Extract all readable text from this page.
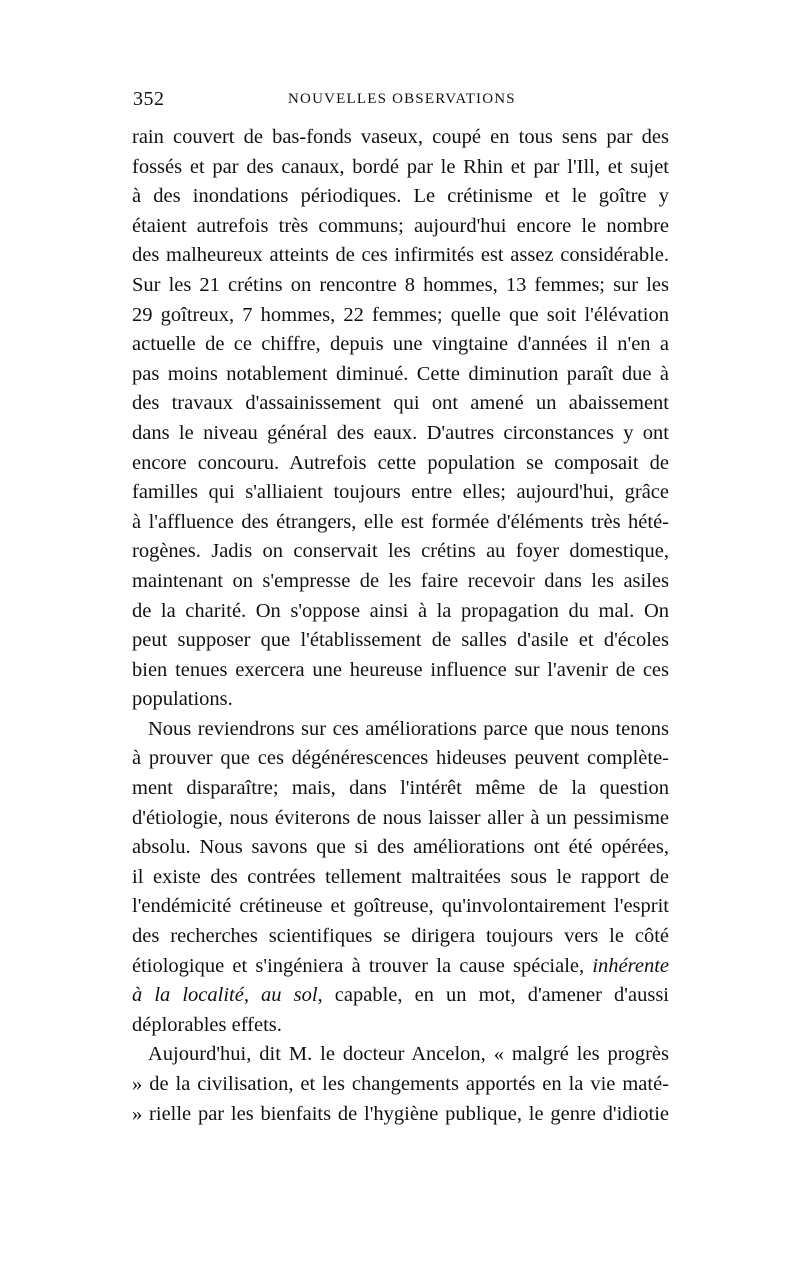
352	NOUVELLES OBSERVATIONS
rain couvert de bas-fonds vaseux, coupé en tous sens par des
fossés et par des canaux, bordé par le Rhin et par l'Ill, et sujet
à des inondations périodiques. Le crétinisme et le goître y
étaient autrefois très communs; aujourd'hui encore le nombre
des malheureux atteints de ces infirmités est assez considérable.
Sur les 21 crétins on rencontre 8 hommes, 13 femmes; sur les
29 goîtreux, 7 hommes, 22 femmes; quelle que soit l'élévation
actuelle de ce chiffre, depuis une vingtaine d'années il n'en a
pas moins notablement diminué. Cette diminution paraît due à
des travaux d'assainissement qui ont amené un abaissement
dans le niveau général des eaux. D'autres circonstances y ont
encore concouru. Autrefois cette population se composait de
familles qui s'alliaient toujours entre elles; aujourd'hui, grâce
à l'affluence des étrangers, elle est formée d'éléments très hété-
rogènes. Jadis on conservait les crétins au foyer domestique,
maintenant on s'empresse de les faire recevoir dans les asiles
de la charité. On s'oppose ainsi à la propagation du mal. On
peut supposer que l'établissement de salles d'asile et d'écoles
bien tenues exercera une heureuse influence sur l'avenir de ces
populations.
Nous reviendrons sur ces améliorations parce que nous tenons
à prouver que ces dégénérescences hideuses peuvent complète-
ment disparaître; mais, dans l'intérêt même de la question
d'étiologie, nous éviterons de nous laisser aller à un pessimisme
absolu. Nous savons que si des améliorations ont été opérées,
il existe des contrées tellement maltraitées sous le rapport de
l'endémicité crétineuse et goîtreuse, qu'involontairement l'esprit
des recherches scientifiques se dirigera toujours vers le côté
étiologique et s'ingéniera à trouver la cause spéciale, inhérente
à la localité, au sol, capable, en un mot, d'amener d'aussi
déplorables effets.
Aujourd'hui, dit M. le docteur Ancelon, « malgré les progrès
» de la civilisation, et les changements apportés en la vie maté-
» rielle par les bienfaits de l'hygiène publique, le genre d'idiotie
